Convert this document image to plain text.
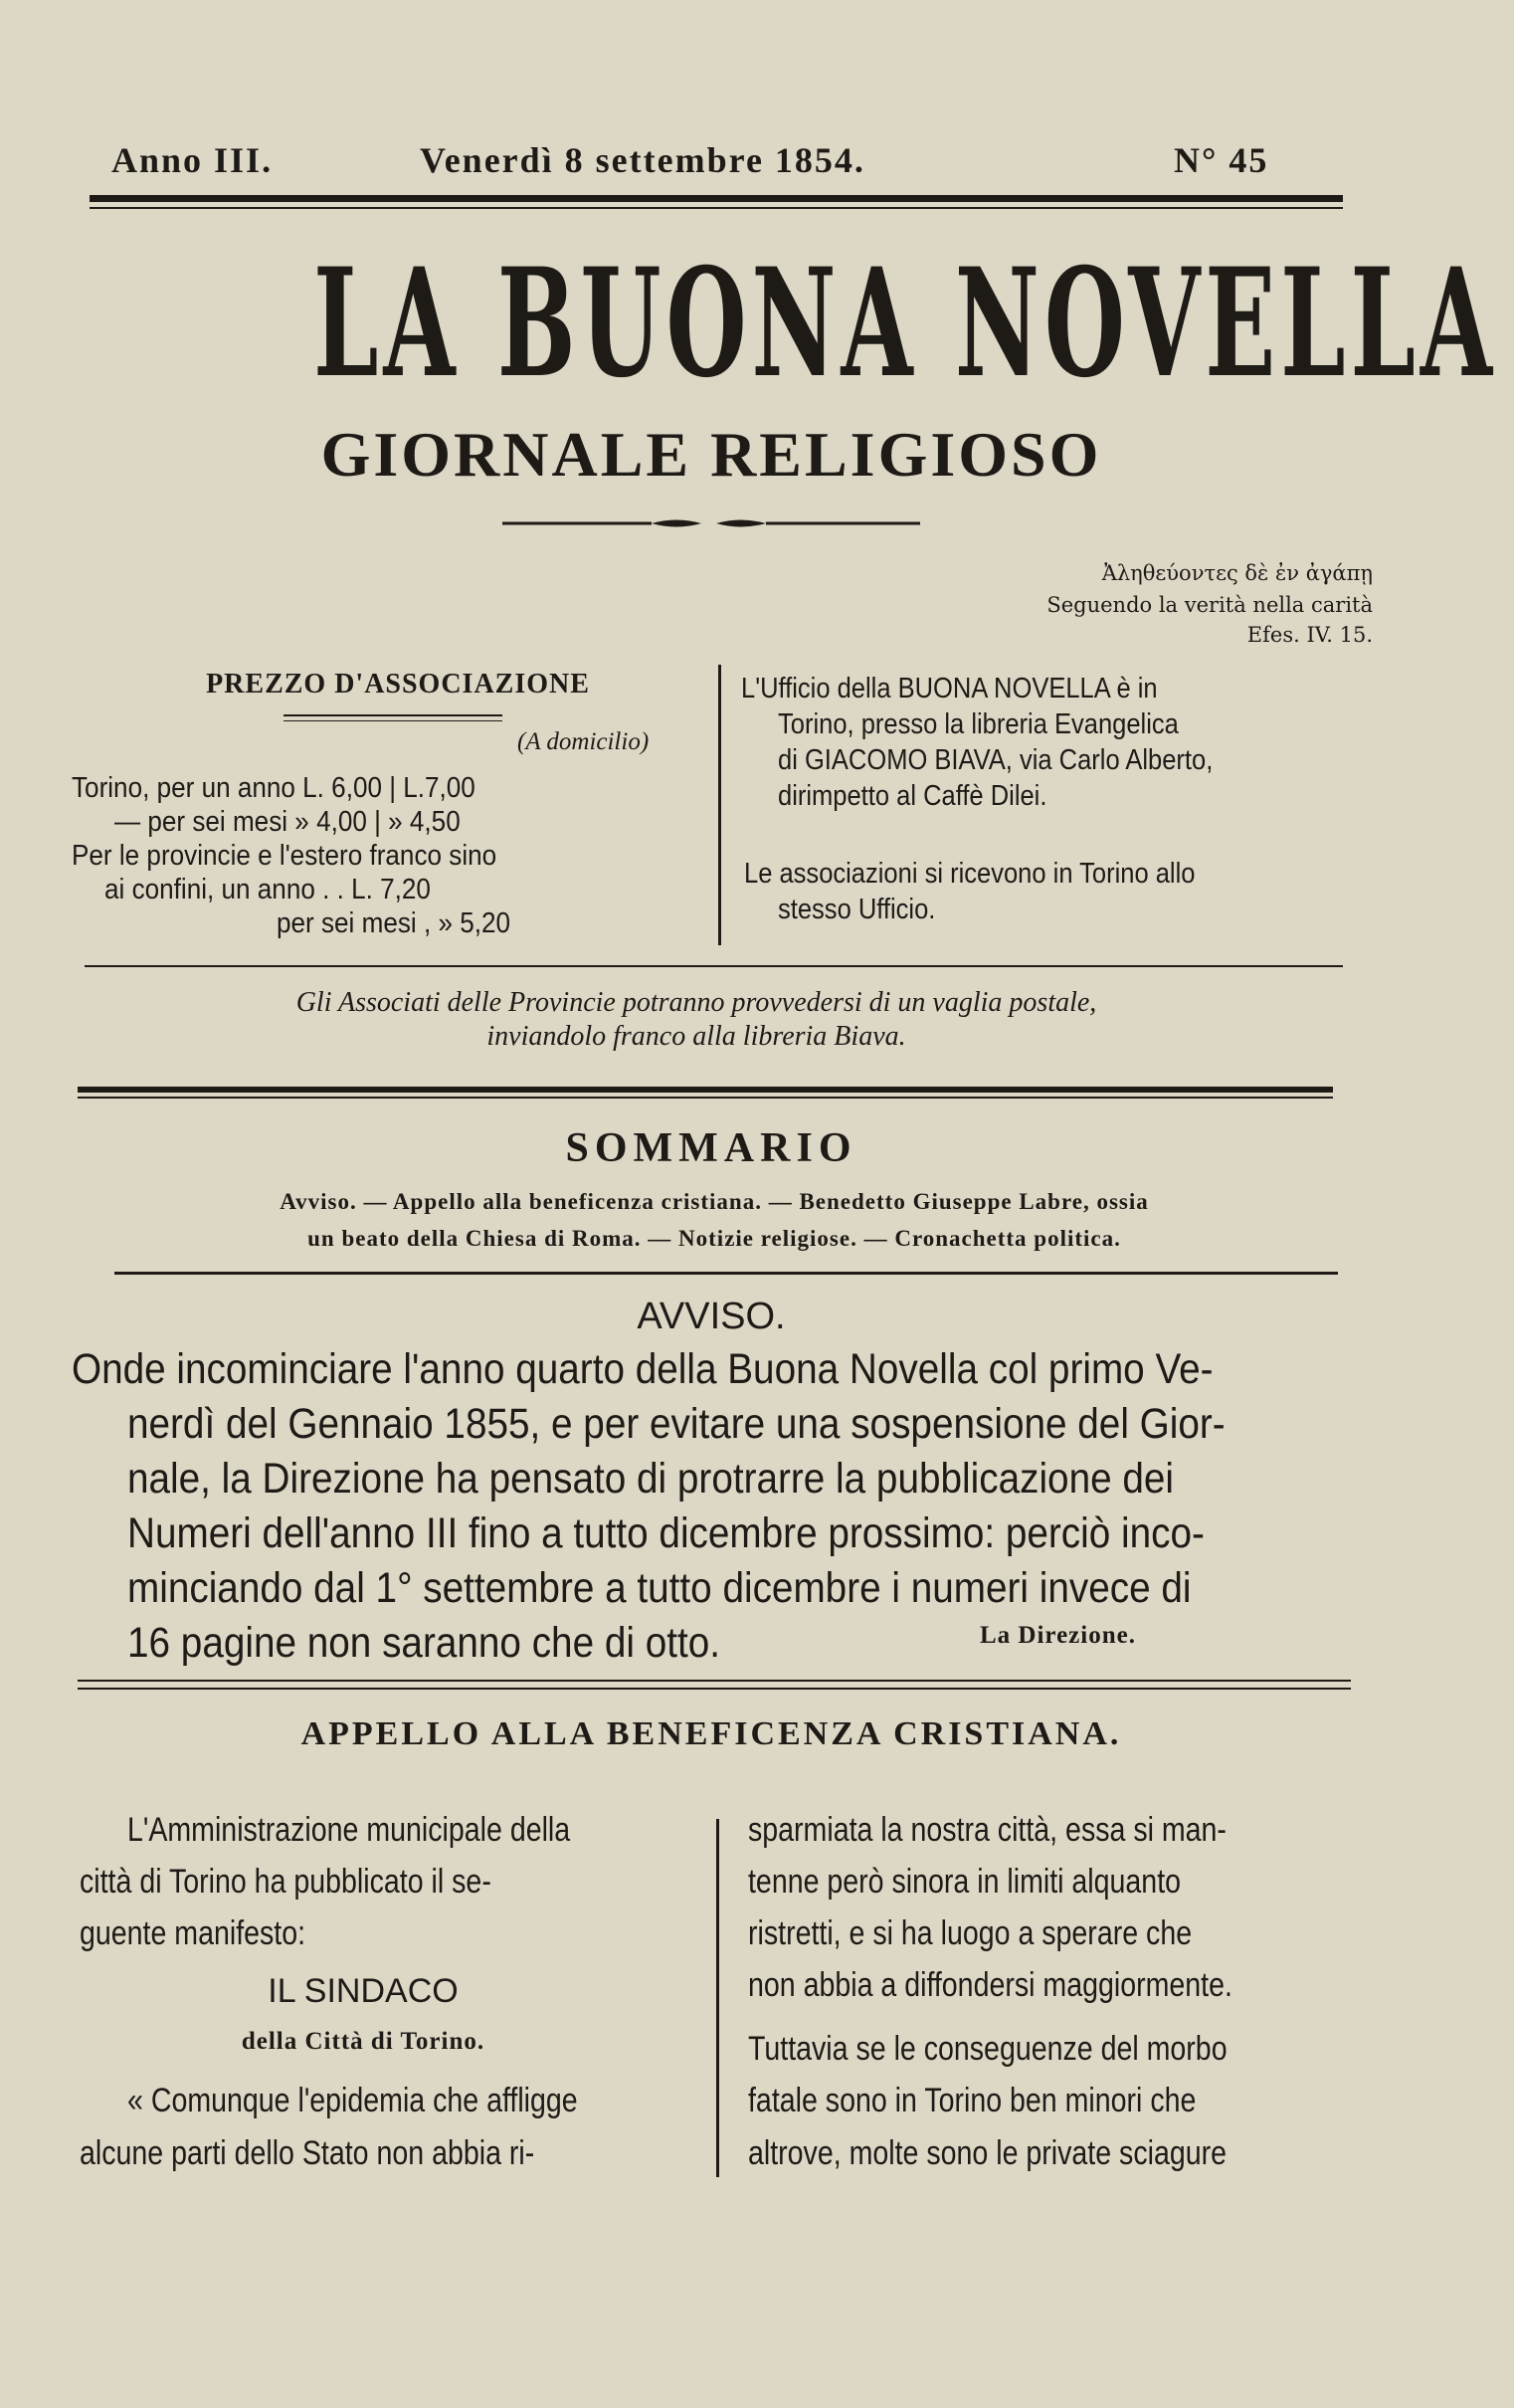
Anno III.	Venerdì 8 settembre 1854.	N° 45
LA BUONA NOVELLA
GIORNALE RELIGIOSO
Ἀληθεύοντες δὲ ἐν ἀγάπῃ
Seguendo la verità nella carità
Efes. IV. 15.
PREZZO D'ASSOCIAZIONE
(A domicilio)
Torino, per un anno L. 6,00 | L.7,00
— per sei mesi » 4,00 | » 4,50
Per le provincie e l'estero franco sino
ai confini, un anno . . L. 7,20
per sei mesi , » 5,20
L'Ufficio della BUONA NOVELLA è in
Torino, presso la libreria Evangelica
di GIACOMO BIAVA, via Carlo Alberto,
dirimpetto al Caffè Dilei.
Le associazioni si ricevono in Torino allo
stesso Ufficio.
Gli Associati delle Provincie potranno provvedersi di un vaglia postale,
inviandolo franco alla libreria Biava.
SOMMARIO
Avviso. — Appello alla beneficenza cristiana. — Benedetto Giuseppe Labre, ossia
un beato della Chiesa di Roma. — Notizie religiose. — Cronachetta politica.
AVVISO.
Onde incominciare l'anno quarto della Buona Novella col primo Ve-
nerdì del Gennaio 1855, e per evitare una sospensione del Gior-
nale, la Direzione ha pensato di protrarre la pubblicazione dei
Numeri dell'anno III fino a tutto dicembre prossimo: perciò inco-
minciando dal 1° settembre a tutto dicembre i numeri invece di
16 pagine non saranno che di otto.	La Direzione.
APPELLO ALLA BENEFICENZA CRISTIANA.
L'Amministrazione municipale della
città di Torino ha pubblicato il se-
guente manifesto:
IL SINDACO
della Città di Torino.
« Comunque l'epidemia che affligge
alcune parti dello Stato non abbia ri-
sparmiata la nostra città, essa si man-
tenne però sinora in limiti alquanto
ristretti, e si ha luogo a sperare che
non abbia a diffondersi maggiormente.
Tuttavia se le conseguenze del morbo
fatale sono in Torino ben minori che
altrove, molte sono le private sciagure
